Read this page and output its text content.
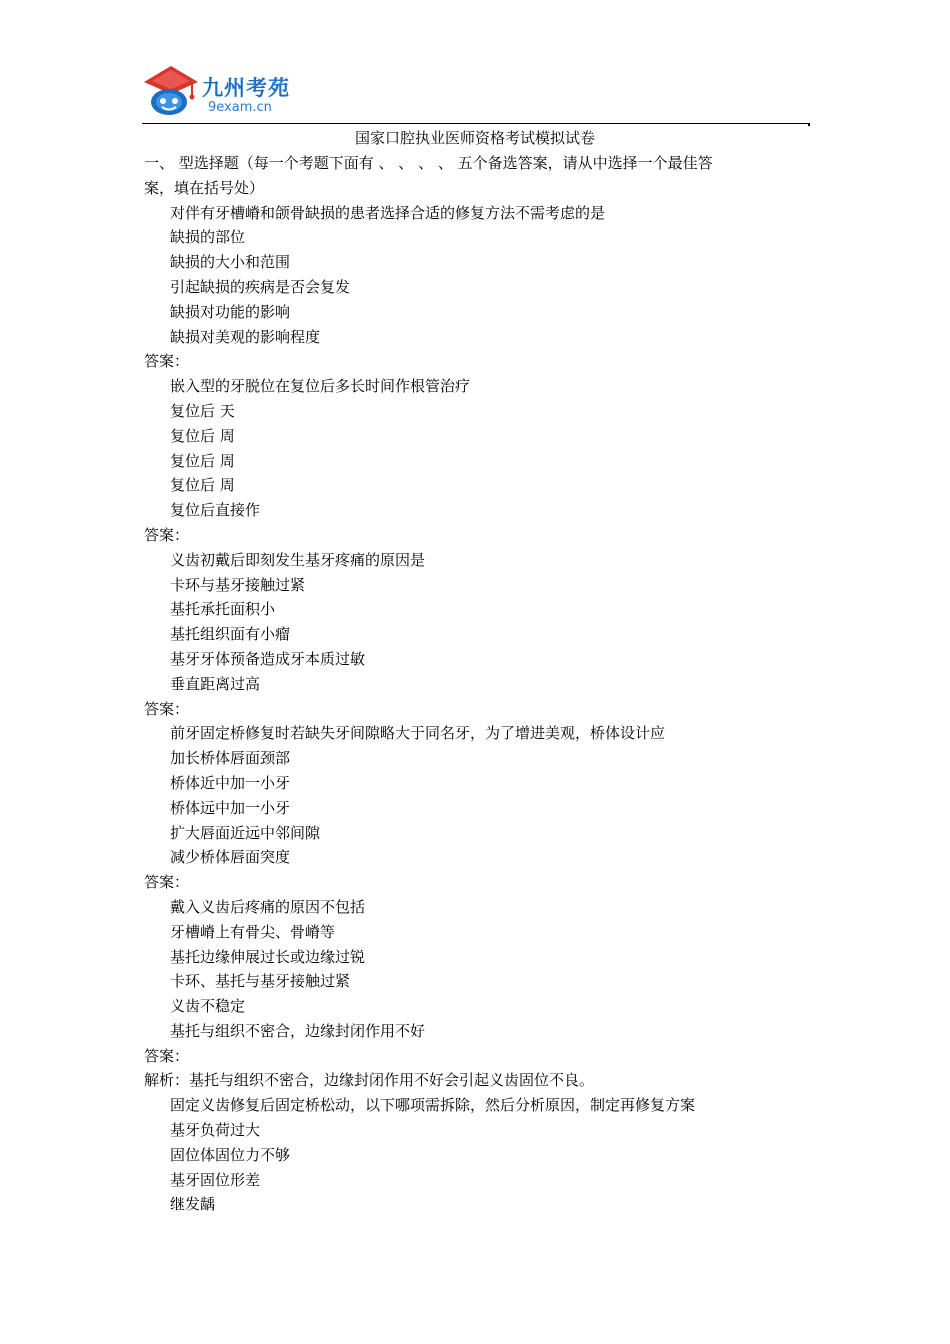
九州考苑
9exam.cn
国家口腔执业医师资格考试模拟试卷
一、 型选择题（每一个考题下面有 、 、 、 、 五个备选答案，请从中选择一个最佳答
案，填在括号处）
对伴有牙槽嵴和颌骨缺损的患者选择合适的修复方法不需考虑的是
缺损的部位
缺损的大小和范围
引起缺损的疾病是否会复发
缺损对功能的影响
缺损对美观的影响程度
答案：
嵌入型的牙脱位在复位后多长时间作根管治疗
复位后 天
复位后 周
复位后 周
复位后 周
复位后直接作
答案：
义齿初戴后即刻发生基牙疼痛的原因是
卡环与基牙接触过紧
基托承托面积小
基托组织面有小瘤
基牙牙体预备造成牙本质过敏
垂直距离过高
答案：
前牙固定桥修复时若缺失牙间隙略大于同名牙，为了增进美观，桥体设计应
加长桥体唇面颈部
桥体近中加一小牙
桥体远中加一小牙
扩大唇面近远中邻间隙
减少桥体唇面突度
答案：
戴入义齿后疼痛的原因不包括
牙槽嵴上有骨尖、骨嵴等
基托边缘伸展过长或边缘过锐
卡环、基托与基牙接触过紧
义齿不稳定
基托与组织不密合，边缘封闭作用不好
答案：
解析：基托与组织不密合，边缘封闭作用不好会引起义齿固位不良。
固定义齿修复后固定桥松动，以下哪项需拆除，然后分析原因，制定再修复方案
基牙负荷过大
固位体固位力不够
基牙固位形差
继发龋
